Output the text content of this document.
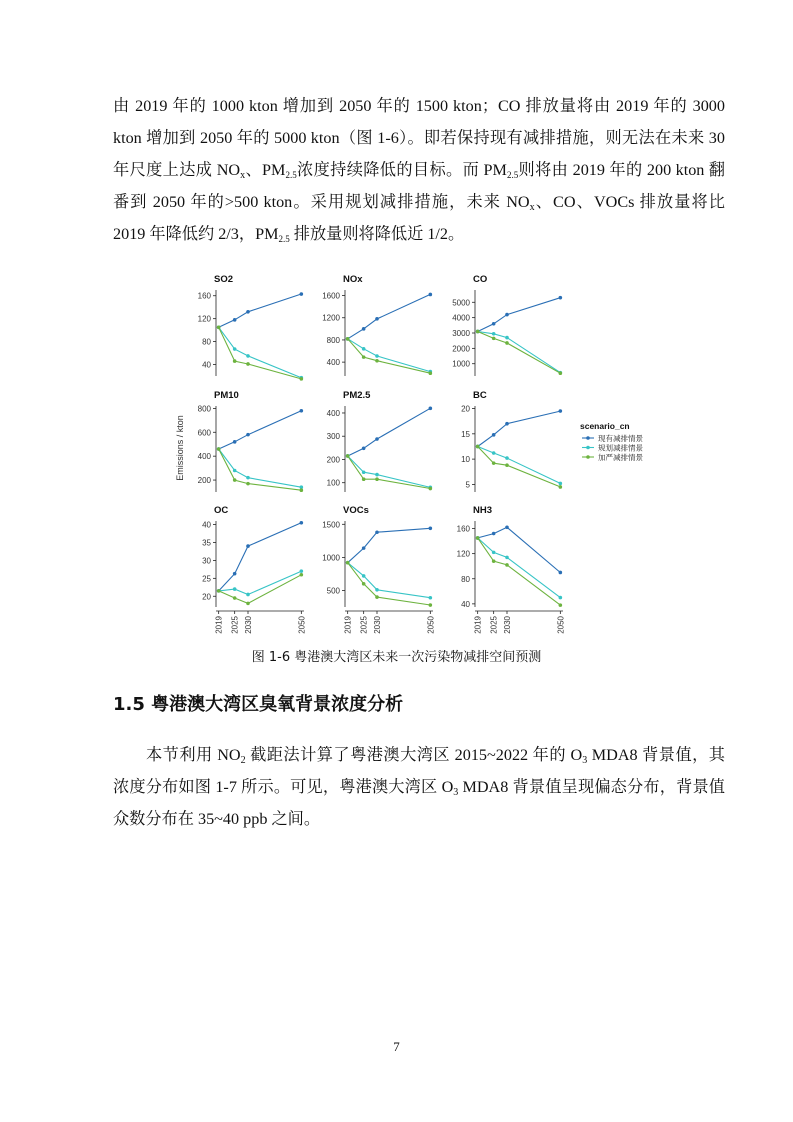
由 2019 年的 1000 kton 增加到 2050 年的 1500 kton；CO 排放量将由 2019 年的 3000 kton 增加到 2050 年的 5000 kton（图 1-6）。即若保持现有减排措施，则无法在未来 30 年尺度上达成 $NO_x$、$PM_{2.5}$浓度持续降低的目标。而 $PM_{2.5}$则将由 2019 年的 200 kton 翻番到 2050 年的>500 kton。采用规划减排措施，未来 $NO_x$、CO、VOCs 排放量将比 2019 年降低约 2/3，$PM_{2.5}$ 排放量则将降低近 1/2。

SO2
40
80
120
160
NOx
400
800
1200
1600
CO
1000
2000
3000
4000
5000
PM10
200
400
600
800
PM2.5
100
200
300
400
BC
5
10
15
20
OC
20
25
30
35
40
2019 2025 2030	2050
VOCs
500
1000
1500
2019 2025 2030	2050
NH3
40
80
120
160
2019 2025 2030	2050
Emissions / kton	scenario_cn
现有减排情景
规划减排情景
加严减排情景
图 1-6 粤港澳大湾区未来一次污染物减排空间预测
1.5 粤港澳大湾区臭氧背景浓度分析

本节利用 $NO_2$ 截距法计算了粤港澳大湾区 2015~2022 年的 $O_3$ MDA8 背景值，其浓度分布如图 1-7 所示。可见，粤港澳大湾区 $O_3$ MDA8 背景值呈现偏态分布，背景值众数分布在 35~40 ppb 之间。

7
